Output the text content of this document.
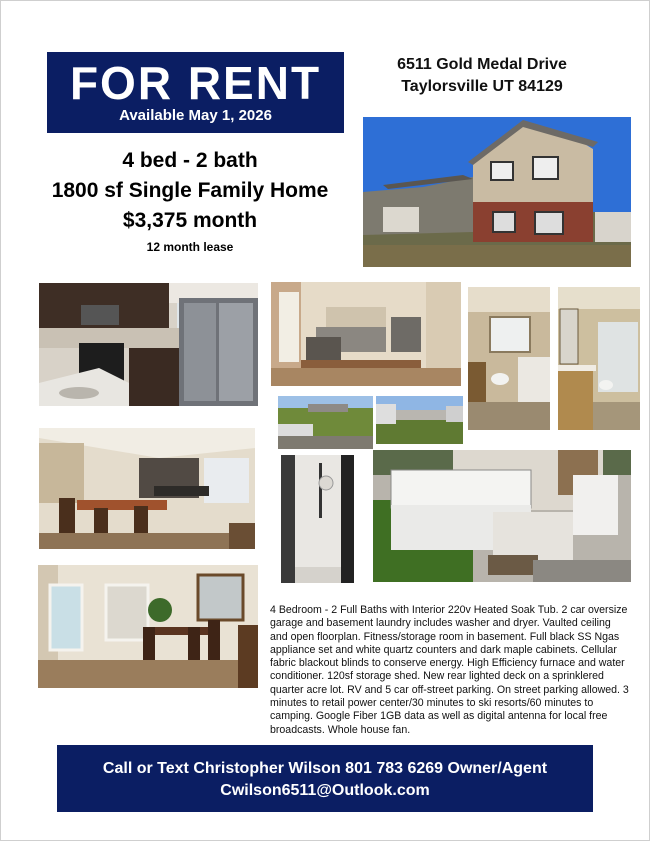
FOR RENT
Available May 1, 2026
6511 Gold Medal Drive
Taylorsville UT 84129
4 bed - 2 bath
1800 sf Single Family Home
$3,375 month
12 month lease
4 Bedroom - 2 Full Baths with Interior 220v Heated Soak Tub. 2 car oversize garage and basement laundry includes washer and dryer. Vaulted ceiling and open floorplan. Fitness/storage room in basement. Full black SS Ngas appliance set and white quartz counters and dark maple cabinets. Cellular fabric blackout blinds to conserve energy. High Efficiency furnace and water conditioner. 120sf storage shed. New rear lighted deck on a sprinklered quarter acre lot. RV and 5 car off-street parking. On street parking allowed. 3 minutes to retail power center/30 minutes to ski resorts/60 minutes to camping. Google Fiber 1GB data as well as digital antenna for local free broadcasts. Whole house fan.
Call or Text Christopher Wilson 801 783 6269 Owner/Agent
Cwilson6511@Outlook.com
